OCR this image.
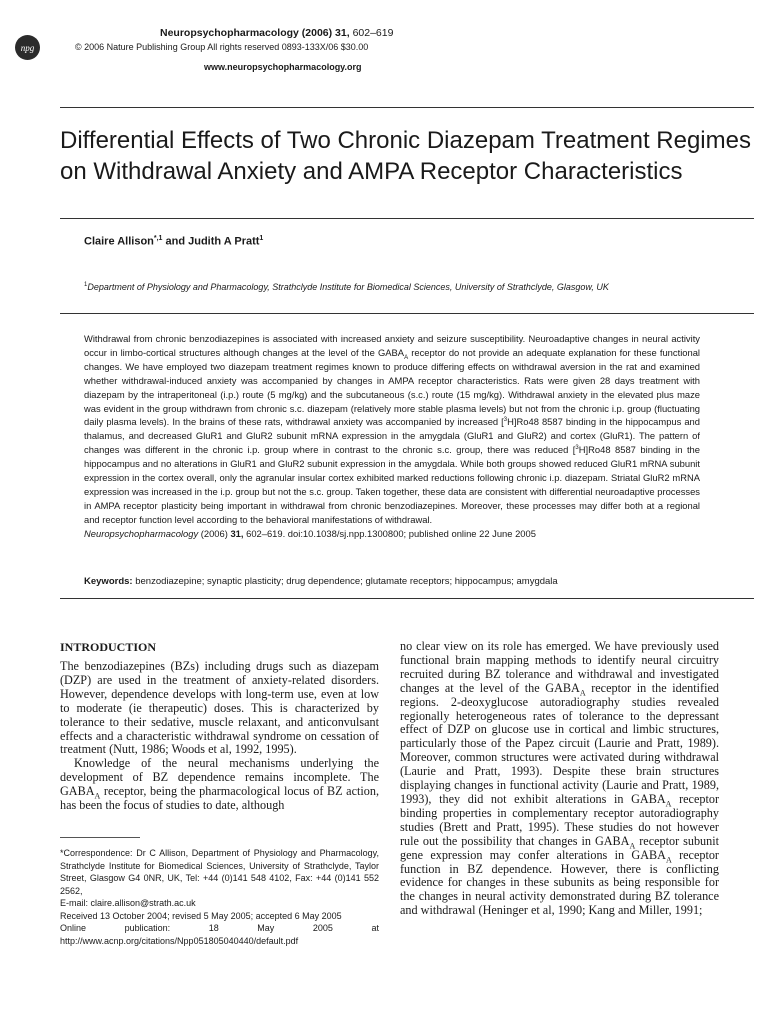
npg
Neuropsychopharmacology (2006) 31, 602–619
© 2006 Nature Publishing Group All rights reserved 0893-133X/06 $30.00
www.neuropsychopharmacology.org
Differential Effects of Two Chronic Diazepam Treatment Regimes on Withdrawal Anxiety and AMPA Receptor Characteristics
Claire Allison$^{*,1}$ and Judith A Pratt$^1$
$^1$Department of Physiology and Pharmacology, Strathclyde Institute for Biomedical Sciences, University of Strathclyde, Glasgow, UK
Withdrawal from chronic benzodiazepines is associated with increased anxiety and seizure susceptibility. Neuroadaptive changes in neural activity occur in limbo-cortical structures although changes at the level of the $GABA_A$ receptor do not provide an adequate explanation for these functional changes. We have employed two diazepam treatment regimes known to produce differing effects on withdrawal aversion in the rat and examined whether withdrawal-induced anxiety was accompanied by changes in AMPA receptor characteristics. Rats were given 28 days treatment with diazepam by the intraperitoneal (i.p.) route (5 mg/kg) and the subcutaneous (s.c.) route (15 mg/kg). Withdrawal anxiety in the elevated plus maze was evident in the group withdrawn from chronic s.c. diazepam (relatively more stable plasma levels) but not from the chronic i.p. group (fluctuating daily plasma levels). In the brains of these rats, withdrawal anxiety was accompanied by increased [$^3$H]Ro48 8587 binding in the hippocampus and thalamus, and decreased GluR1 and GluR2 subunit mRNA expression in the amygdala (GluR1 and GluR2) and cortex (GluR1). The pattern of changes was different in the chronic i.p. group where in contrast to the chronic s.c. group, there was reduced [$^3$H]Ro48 8587 binding in the hippocampus and no alterations in GluR1 and GluR2 subunit expression in the amygdala. While both groups showed reduced GluR1 mRNA subunit expression in the cortex overall, only the agranular insular cortex exhibited marked reductions following chronic i.p. diazepam. Striatal GluR2 mRNA expression was increased in the i.p. group but not the s.c. group. Taken together, these data are consistent with differential neuroadaptive processes in AMPA receptor plasticity being important in withdrawal from chronic benzodiazepines. Moreover, these processes may differ both at a regional and receptor function level according to the behavioral manifestations of withdrawal.
Neuropsychopharmacology (2006) 31, 602–619. doi:10.1038/sj.npp.1300800; published online 22 June 2005
Keywords: benzodiazepine; synaptic plasticity; drug dependence; glutamate receptors; hippocampus; amygdala
INTRODUCTION

The benzodiazepines (BZs) including drugs such as diazepam (DZP) are used in the treatment of anxiety-related disorders. However, dependence develops with long-term use, even at low to moderate (ie therapeutic) doses. This is characterized by tolerance to their sedative, muscle relaxant, and anticonvulsant effects and a characteristic withdrawal syndrome on cessation of treatment (Nutt, 1986; Woods et al, 1992, 1995).

Knowledge of the neural mechanisms underlying the development of BZ dependence remains incomplete. The $GABA_A$ receptor, being the pharmacological locus of BZ action, has been the focus of studies to date, although

no clear view on its role has emerged. We have previously used functional brain mapping methods to identify neural circuitry recruited during BZ tolerance and withdrawal and investigated changes at the level of the $GABA_A$ receptor in the identified regions. 2-deoxyglucose autoradiography studies revealed regionally heterogeneous rates of tolerance to the depressant effect of DZP on glucose use in cortical and limbic structures, particularly those of the Papez circuit (Laurie and Pratt, 1989). Moreover, common structures were activated during withdrawal (Laurie and Pratt, 1993). Despite these brain structures displaying changes in functional activity (Laurie and Pratt, 1989, 1993), they did not exhibit alterations in $GABA_A$ receptor binding properties in complementary receptor autoradiography studies (Brett and Pratt, 1995). These studies do not however rule out the possibility that changes in $GABA_A$ receptor subunit gene expression may confer alterations in $GABA_A$ receptor function in BZ dependence. However, there is conflicting evidence for changes in these subunits as being responsible for the changes in neural activity demonstrated during BZ tolerance and withdrawal (Heninger et al, 1990; Kang and Miller, 1991;

*Correspondence: Dr C Allison, Department of Physiology and Pharmacology, Strathclyde Institute for Biomedical Sciences, University of Strathclyde, Taylor Street, Glasgow G4 0NR, UK, Tel: +44 (0)141 548 4102, Fax: +44 (0)141 552 2562,
E-mail: claire.allison@strath.ac.uk
Received 13 October 2004; revised 5 May 2005; accepted 6 May 2005
Online publication: 18 May 2005 at http://www.acnp.org/citations/Npp051805040440/default.pdf
